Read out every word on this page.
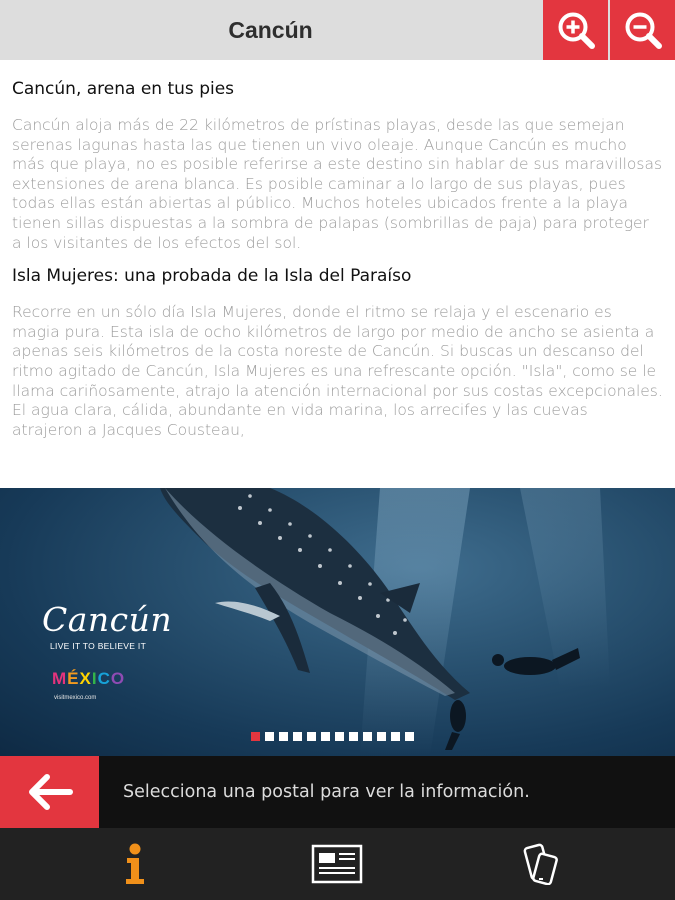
Cancún
Cancún, arena en tus pies
Cancún aloja más de 22 kilómetros de prístinas playas, desde las que semejan serenas lagunas hasta las que tienen un vivo oleaje. Aunque Cancún es mucho más que playa, no es posible referirse a este destino sin hablar de sus maravillosas extensiones de arena blanca. Es posible caminar a lo largo de sus playas, pues todas ellas están abiertas al público. Muchos hoteles ubicados frente a la playa tienen sillas dispuestas a la sombra de palapas (sombrillas de paja) para proteger a los visitantes de los efectos del sol.
Isla Mujeres: una probada de la Isla del Paraíso
Recorre en un sólo día Isla Mujeres, donde el ritmo se relaja y el escenario es magia pura. Esta isla de ocho kilómetros de largo por medio de ancho se asienta a apenas seis kilómetros de la costa noreste de Cancún. Si buscas un descanso del ritmo agitado de Cancún, Isla Mujeres es una refrescante opción. "Isla", como se le llama cariñosamente, atrajo la atención internacional por sus costas excepcionales. El agua clara, cálida, abundante en vida marina, los arrecifes y las cuevas atrajeron a Jacques Cousteau,
Cancún
LIVE IT TO BELIEVE IT
MÉXICO
visitmexico.com
Selecciona una postal para ver la información.
